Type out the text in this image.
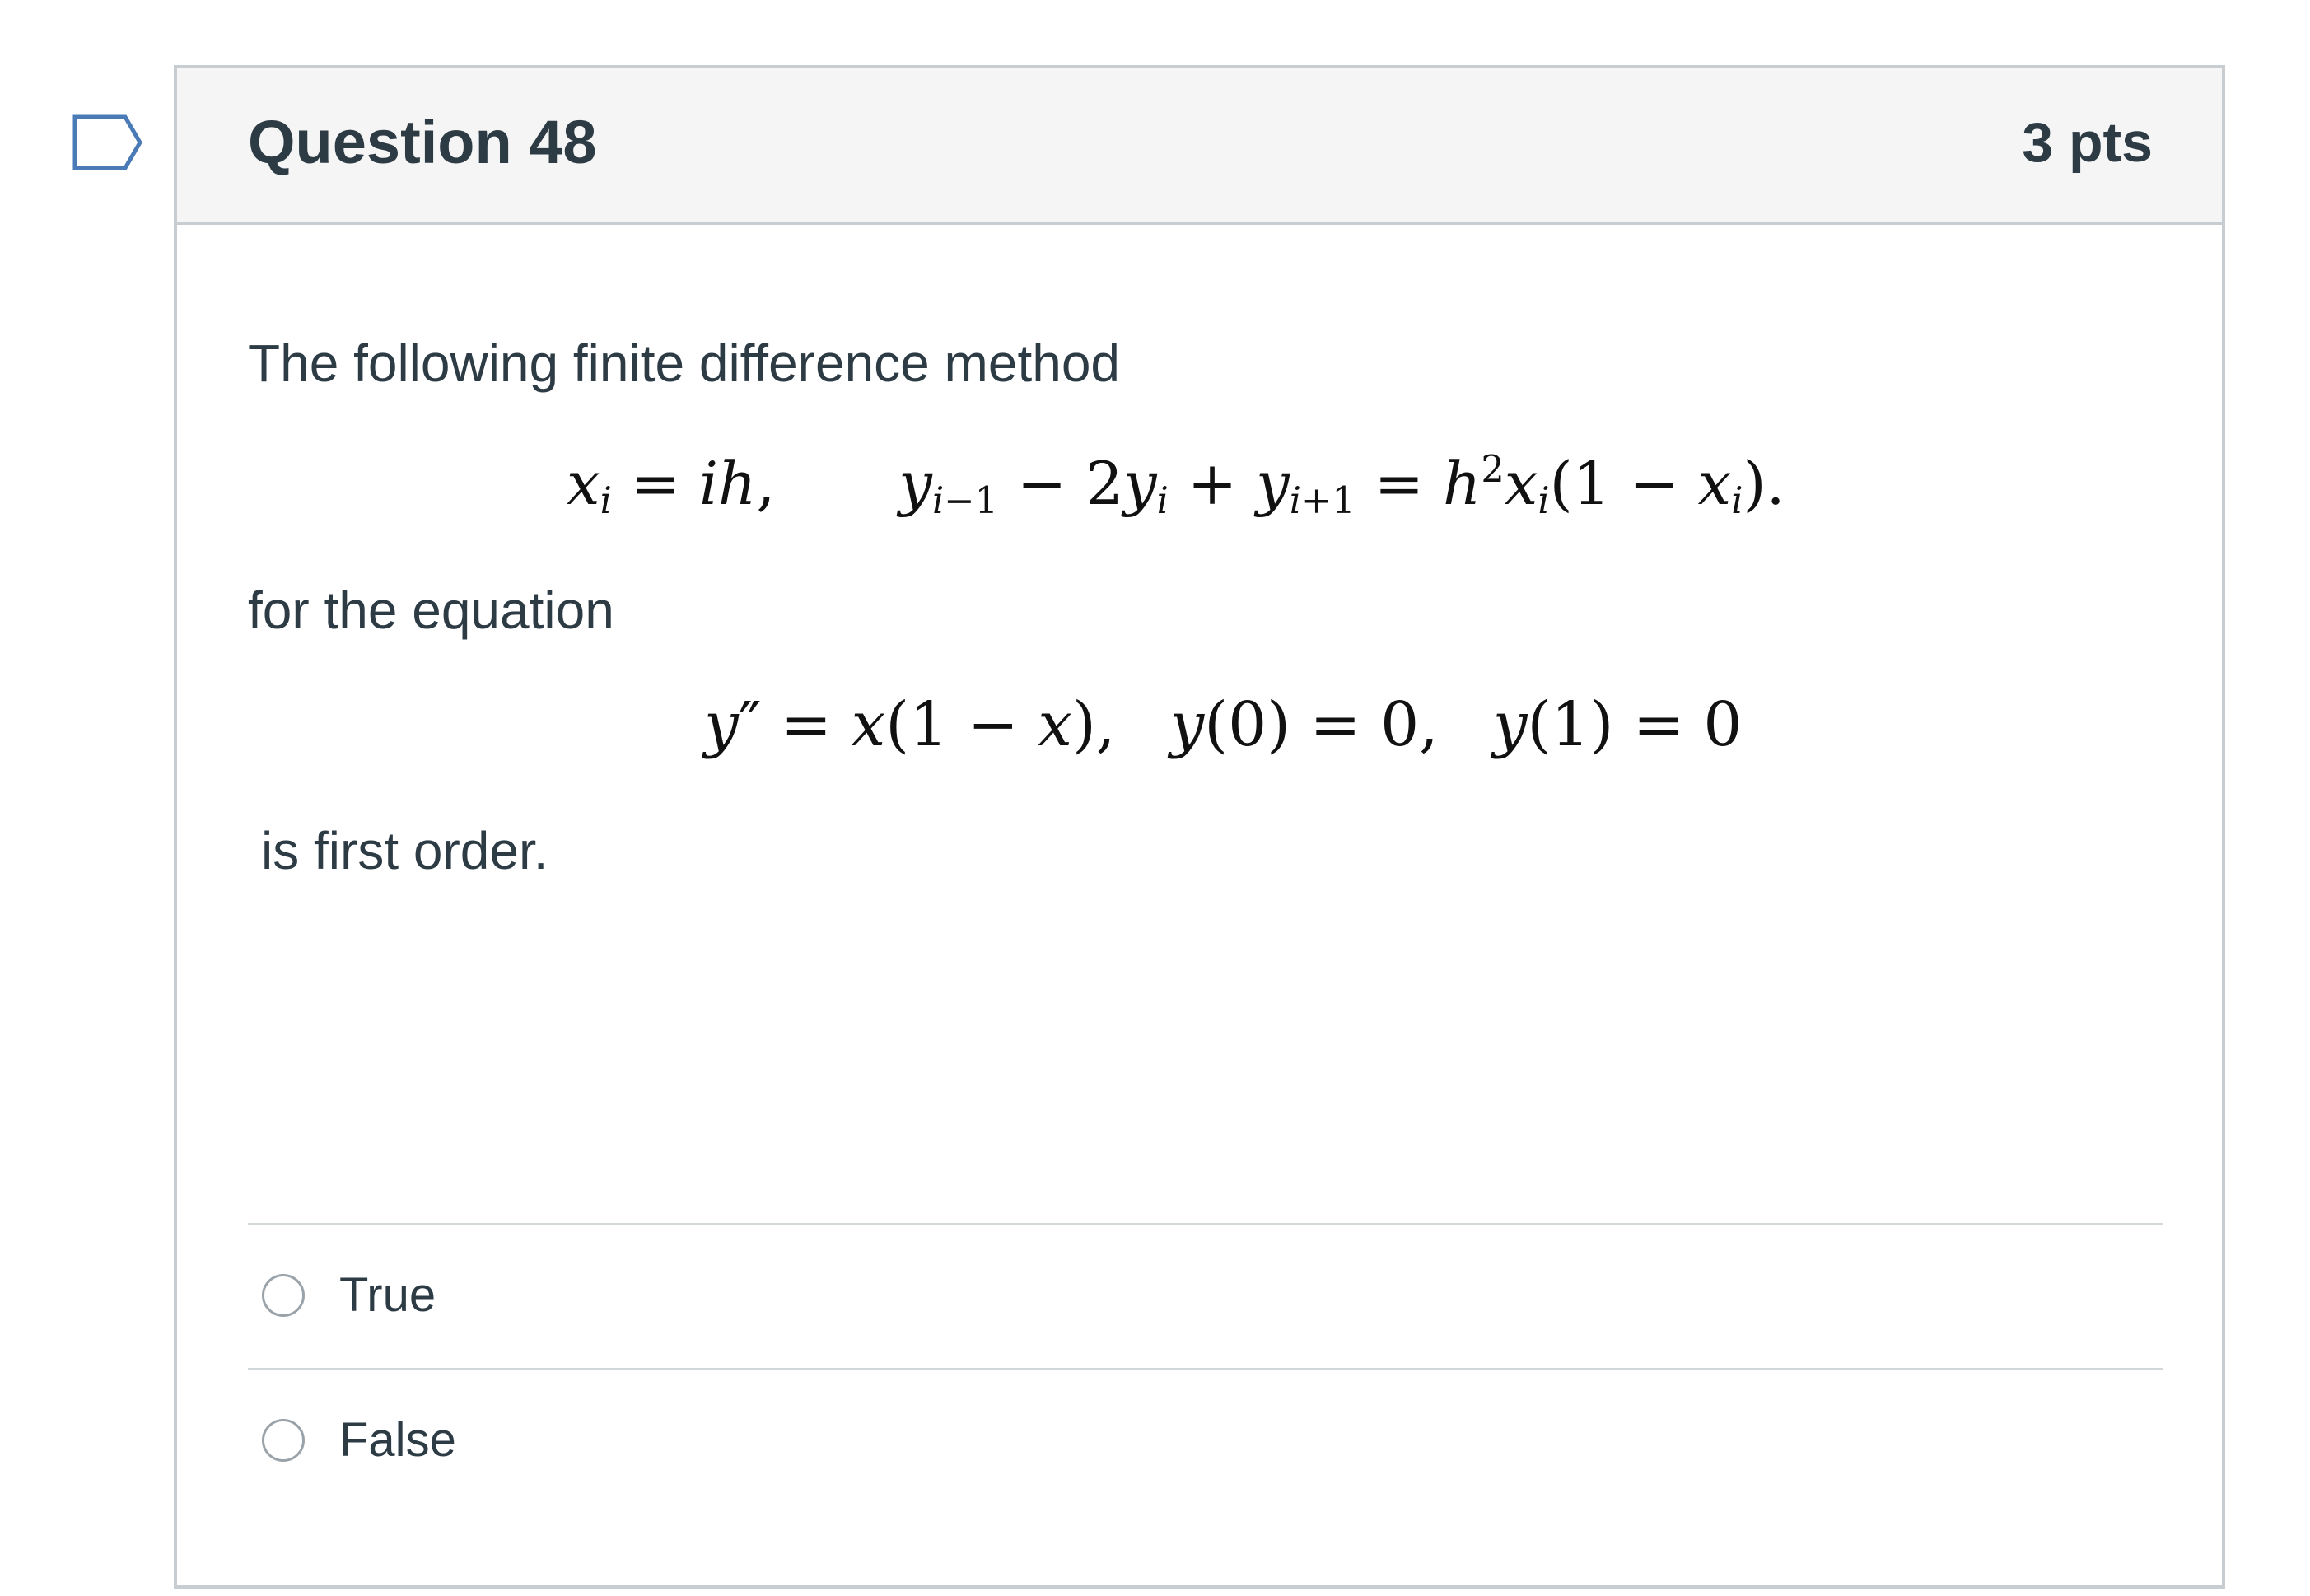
Question 48	3 pts
The following finite difference method
$x_i$ = ih, $y_{i-1} - 2y_i + y_{i+1} = h^2x_i(1 - x_i)$.
for the equation
y″ = x(1 − x), y(0) = 0, y(1) = 0
is first order.
True
False
